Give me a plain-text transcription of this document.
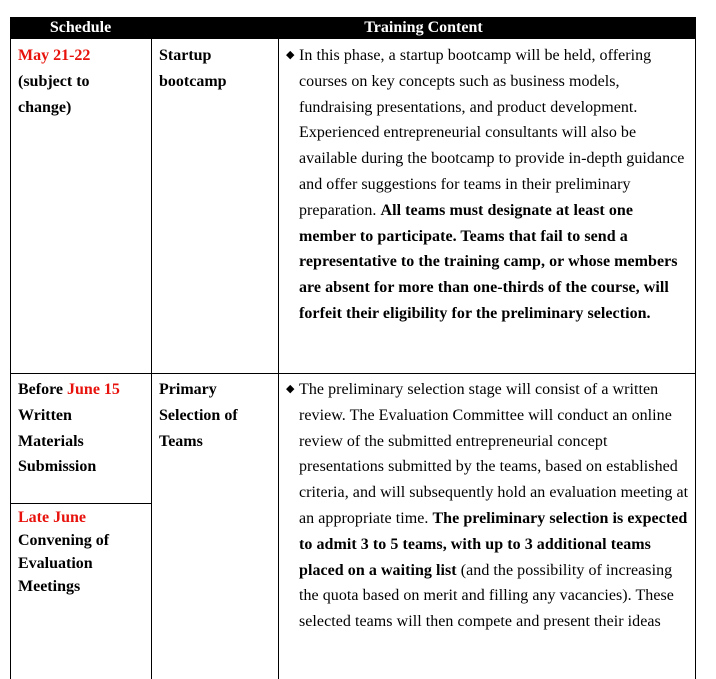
Schedule	Training Content
May 21-22
(subject to change)
Startup bootcamp
◆ In this phase, a startup bootcamp will be held, offering courses on key concepts such as business models, fundraising presentations, and product development. Experienced entrepreneurial consultants will also be available during the bootcamp to provide in-depth guidance and offer suggestions for teams in their preliminary preparation. All teams must designate at least one member to participate. Teams that fail to send a representative to the training camp, or whose members are absent for more than one-thirds of the course, will forfeit their eligibility for the preliminary selection.
Before June 15
Written Materials Submission
Late June
Convening of Evaluation Meetings
Primary Selection of Teams
◆ The preliminary selection stage will consist of a written review. The Evaluation Committee will conduct an online review of the submitted entrepreneurial concept presentations submitted by the teams, based on established criteria, and will subsequently hold an evaluation meeting at an appropriate time. The preliminary selection is expected to admit 3 to 5 teams, with up to 3 additional teams placed on a waiting list (and the possibility of increasing the quota based on merit and filling any vacancies). These selected teams will then compete and present their ideas
